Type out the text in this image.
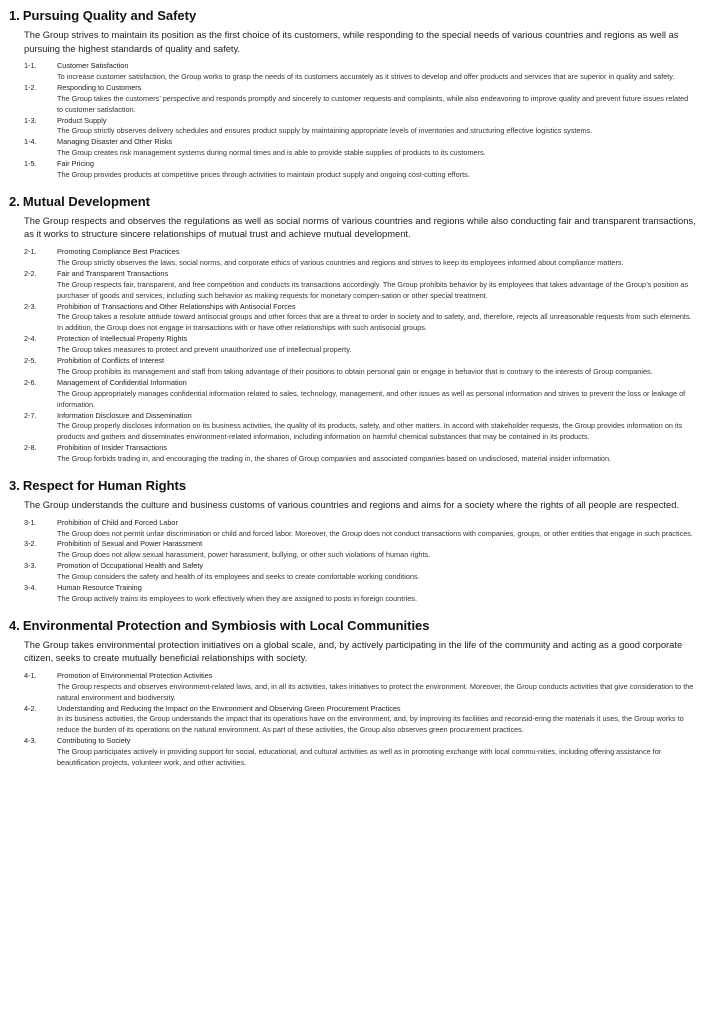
1. Pursuing Quality and Safety
The Group strives to maintain its position as the first choice of its customers, while responding to the special needs of various countries and regions as well as pursuing the highest standards of quality and safety.
1-1.	Customer Satisfaction
To increase customer satisfaction, the Group works to grasp the needs of its customers accurately as it strives to develop and offer products and services that are superior in quality and safety.
1-2.	Responding to Customers
The Group takes the customers’ perspective and responds promptly and sincerely to customer requests and complaints, while also endeavoring to improve quality and prevent future issues related to customer satisfaction.
1-3.	Product Supply
The Group strictly observes delivery schedules and ensures product supply by maintaining appropriate levels of inventories and structuring effective logistics systems.
1-4.	Managing Disaster and Other Risks
The Group creates risk management systems during normal times and is able to provide stable supplies of products to its customers.
1-5.	Fair Pricing
The Group provides products at competitive prices through activities to maintain product supply and ongoing cost-cutting efforts.
2. Mutual Development
The Group respects and observes the regulations as well as social norms of various countries and regions while also conducting fair and transparent transactions, as it works to structure sincere relationships of mutual trust and achieve mutual development.
2-1.	Promoting Compliance Best Practices
The Group strictly observes the laws, social norms, and corporate ethics of various countries and regions and strives to keep its employees informed about compliance matters.
2-2.	Fair and Transparent Transactions
The Group respects fair, transparent, and free competition and conducts its transactions accordingly. The Group prohibits behavior by its employees that takes advantage of the Group’s position as purchaser of goods and services, including such behavior as making requests for monetary compen-sation or other special treatment.
2-3.	Prohibition of Transactions and Other Relationships with Antisocial Forces
The Group takes a resolute attitude toward antisocial groups and other forces that are a threat to order in society and to safety, and, therefore, rejects all unreasonable requests from such elements. In addition, the Group does not engage in transactions with or have other relationships with such antisocial groups.
2-4.	Protection of Intellectual Property Rights
The Group takes measures to protect and prevent unauthorized use of intellectual property.
2-5.	Prohibition of Conflicts of Interest
The Group prohibits its management and staff from taking advantage of their positions to obtain personal gain or engage in behavior that is contrary to the interests of Group companies.
2-6.	Management of Confidential Information
The Group appropriately manages confidential information related to sales, technology, management, and other issues as well as personal information and strives to prevent the loss or leakage of information.
2-7.	Information Disclosure and Dissemination
The Group properly discloses information on its business activities, the quality of its products, safety, and other matters. In accord with stakeholder requests, the Group provides information on its products and gathers and disseminates environment-related information, including information on harmful chemical substances that may be contained in its products.
2-8.	Prohibition of Insider Transactions
The Group forbids trading in, and encouraging the trading in, the shares of Group companies and associated companies based on undisclosed, material insider information.
3. Respect for Human Rights
The Group understands the culture and business customs of various countries and regions and aims for a society where the rights of all people are respected.
3-1.	Prohibition of Child and Forced Labor
The Group does not permit unfair discrimination or child and forced labor. Moreover, the Group does not conduct transactions with companies, groups, or other entities that engage in such practices.
3-2.	Prohibition of Sexual and Power Harassment
The Group does not allow sexual harassment, power harassment, bullying, or other such violations of human rights.
3-3.	Promotion of Occupational Health and Safety
The Group considers the safety and health of its employees and seeks to create comfortable working conditions.
3-4.	Human Resource Training
The Group actively trains its employees to work effectively when they are assigned to posts in foreign countries.
4. Environmental Protection and Symbiosis with Local Communities
The Group takes environmental protection initiatives on a global scale, and, by actively participating in the life of the community and acting as a good corporate citizen, seeks to create mutually beneficial relationships with society.
4-1.	Promotion of Environmental Protection Activities
The Group respects and observes environment-related laws, and, in all its activities, takes initiatives to protect the environment. Moreover, the Group conducts activities that give consideration to the natural environment and biodiversity.
4-2.	Understanding and Reducing the Impact on the Environment and Observing Green Procurement Practices
In its business activities, the Group understands the impact that its operations have on the environment, and, by improving its facilities and reconsid-ering the materials it uses, the Group works to reduce the burden of its operations on the natural environment. As part of these activities, the Group also observes green procurement practices.
4-3.	Contributing to Society
The Group participates actively in providing support for social, educational, and cultural activities as well as in promoting exchange with local commu-nities, including offering assistance for beautification projects, volunteer work, and other activities.
